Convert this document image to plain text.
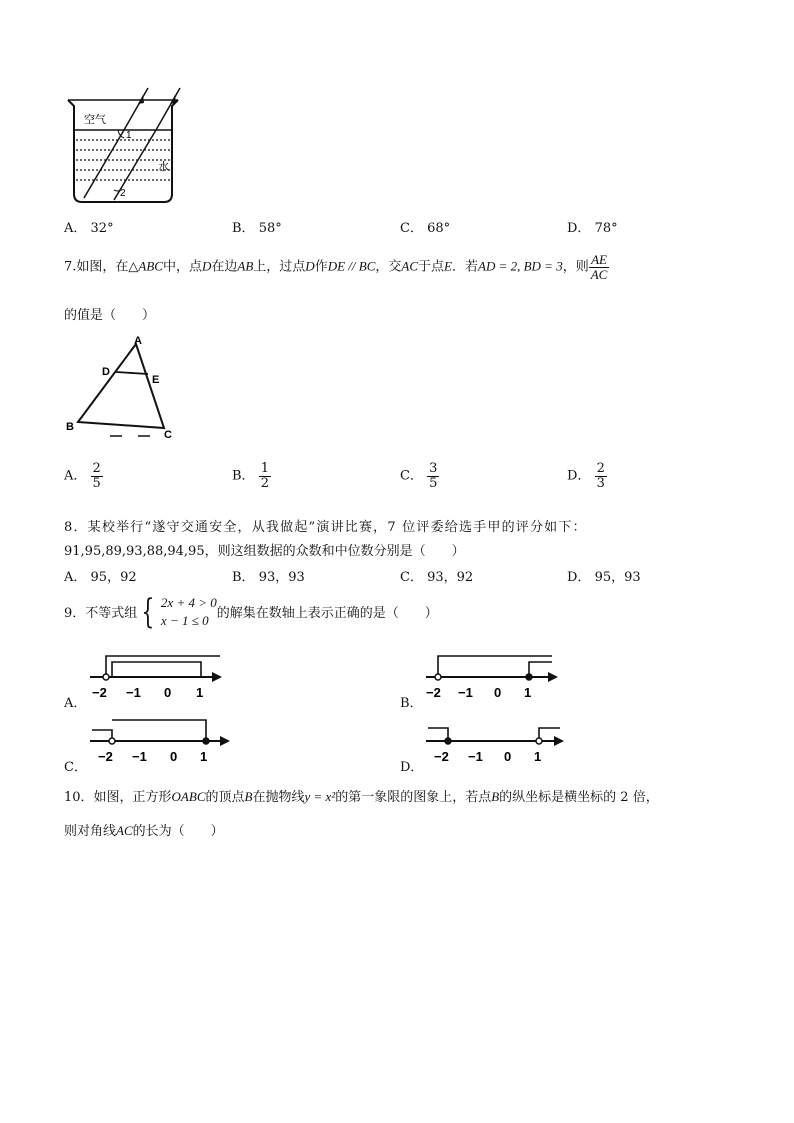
空气
水
1
2
A． 32°	B． 58°	C． 68°	D． 78°
7.如图，在△ABC中，点D在边AB上，过点D作DE // BC，交AC于点E．若AD = 2, BD = 3，则 $\frac{AE}{AC}$
的值是（　　）
A
D
E
B
C
A． $\frac{2}{5}$	B． $\frac{1}{2}$	C． $\frac{3}{5}$	D． $\frac{2}{3}$
8．某校举行“遂守交通安全，从我做起”演讲比赛，7 位评委给选手甲的评分如下：
91,95,89,93,88,94,95，则这组数据的众数和中位数分别是（　　）
A． 95，92	B． 93，93	C． 93，92	D． 95，93
9．不等式组 { 2x + 4 > 0
x − 1 ≤ 0 的解集在数轴上表示正确的是（　　）
A．
−2 −1 0 1
B．
−2 −1 0 1
C．
−2 −1 0 1
D．
−2 −1 0 1
10．如图，正方形OABC的顶点B在抛物线y = x²的第一象限的图象上，若点B的纵坐标是横坐标的 2 倍，
则对角线AC的长为（　　）
